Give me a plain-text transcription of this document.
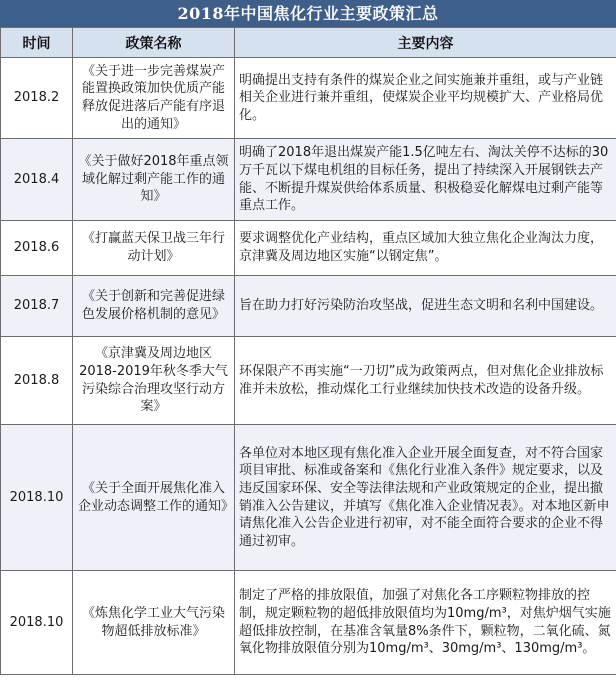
2018年中国焦化行业主要政策汇总
时间	政策名称	主要内容
2018.2	《关于进一步完善煤炭产能置换政策加快优质产能释放促进落后产能有序退出的通知》	明确提出支持有条件的煤炭企业之间实施兼并重组，或与产业链相关企业进行兼并重组，使煤炭企业平均规模扩大、产业格局优化。
2018.4	《关于做好2018年重点领域化解过剩产能工作的通知》	明确了2018年退出煤炭产能1.5亿吨左右、淘汰关停不达标的30万千瓦以下煤电机组的目标任务，提出了持续深入开展钢铁去产能、不断提升煤炭供给体系质量、积极稳妥化解煤电过剩产能等重点工作。
2018.6	《打赢蓝天保卫战三年行动计划》	要求调整优化产业结构，重点区域加大独立焦化企业淘汰力度，京津冀及周边地区实施“以钢定焦”。
2018.7	《关于创新和完善促进绿色发展价格机制的意见》	旨在助力打好污染防治攻坚战，促进生态文明和名利中国建设。
2018.8	《京津冀及周边地区2018-2019年秋冬季大气污染综合治理攻坚行动方案》	环保限产不再实施“一刀切”成为政策两点，但对焦化企业排放标准并未放松，推动煤化工行业继续加快技术改造的设备升级。
2018.10	《关于全面开展焦化准入企业动态调整工作的通知》	各单位对本地区现有焦化准入企业开展全面复查，对不符合国家项目审批、标准或备案和《焦化行业准入条件》规定要求，以及违反国家环保、安全等法律法规和产业政策规定的企业，提出撤销准入公告建议，并填写《焦化准入企业情况表》。对本地区新申请焦化准入公告企业进行初审，对不能全面符合要求的企业不得通过初审。
2018.10	《炼焦化学工业大气污染物超低排放标准》	制定了严格的排放限值，加强了对焦化各工序颗粒物排放的控制，规定颗粒物的超低排放限值均为10mg/m³，对焦炉烟气实施超低排放控制，在基准含氧量8%条件下，颗粒物，二氧化硫、氮氧化物排放限值分别为10mg/m³、30mg/m³、130mg/m³。
